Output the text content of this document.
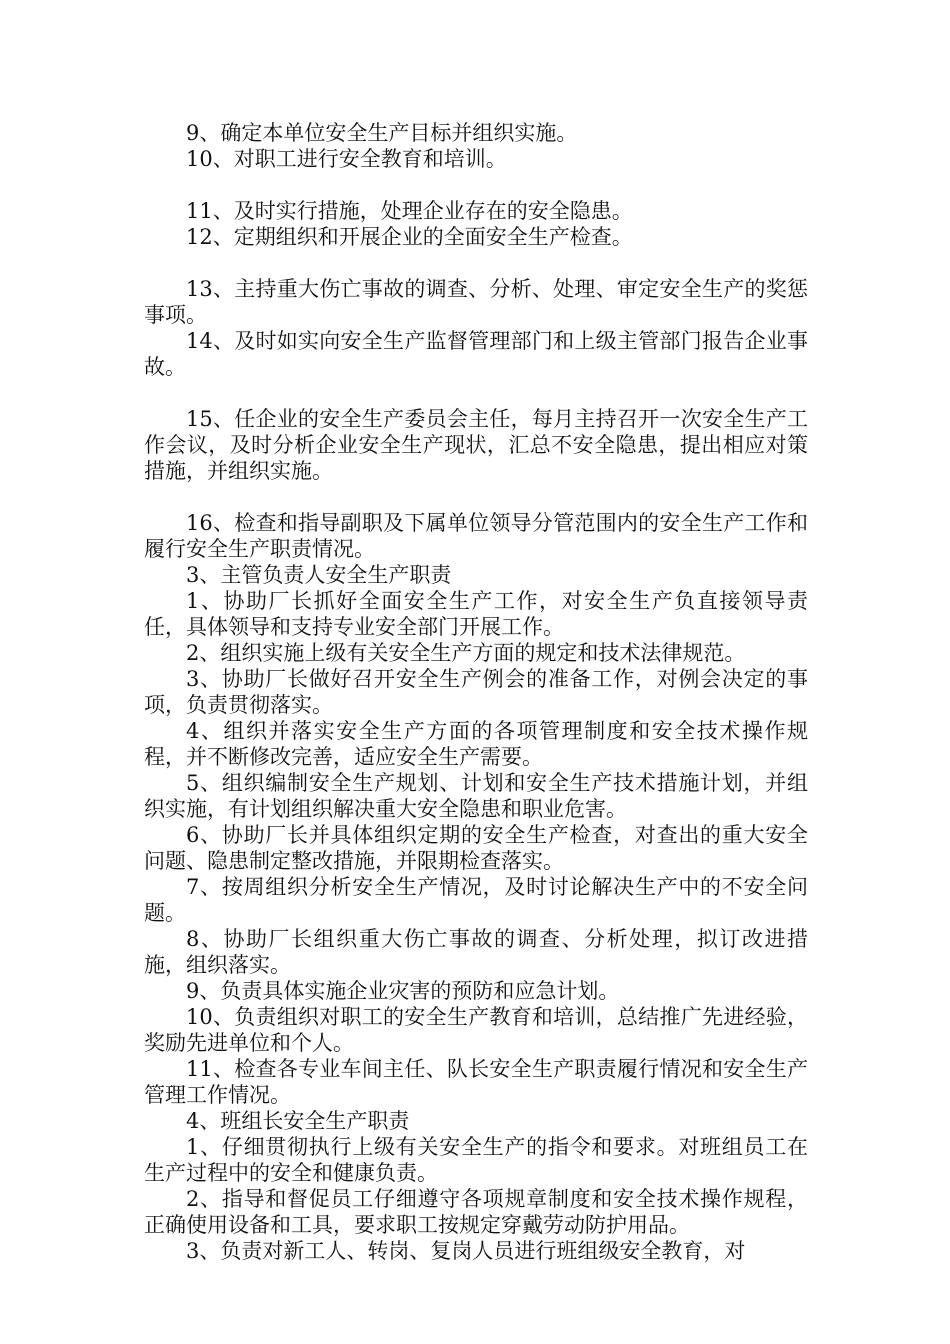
9、确定本单位安全生产目标并组织实施。

10、对职工进行安全教育和培训。

11、及时实行措施，处理企业存在的安全隐患。

12、定期组织和开展企业的全面安全生产检查。

13、主持重大伤亡事故的调查、分析、处理、审定安全生产的奖惩事项。

14、及时如实向安全生产监督管理部门和上级主管部门报告企业事故。

15、任企业的安全生产委员会主任，每月主持召开一次安全生产工作会议，及时分析企业安全生产现状，汇总不安全隐患，提出相应对策措施，并组织实施。

16、检查和指导副职及下属单位领导分管范围内的安全生产工作和履行安全生产职责情况。

3、主管负责人安全生产职责

1、协助厂长抓好全面安全生产工作，对安全生产负直接领导责任，具体领导和支持专业安全部门开展工作。

2、组织实施上级有关安全生产方面的规定和技术法律规范。

3、协助厂长做好召开安全生产例会的准备工作，对例会决定的事项，负责贯彻落实。

4、组织并落实安全生产方面的各项管理制度和安全技术操作规程，并不断修改完善，适应安全生产需要。

5、组织编制安全生产规划、计划和安全生产技术措施计划，并组织实施，有计划组织解决重大安全隐患和职业危害。

6、协助厂长并具体组织定期的安全生产检查，对查出的重大安全问题、隐患制定整改措施，并限期检查落实。

7、按周组织分析安全生产情况，及时讨论解决生产中的不安全问题。

8、协助厂长组织重大伤亡事故的调查、分析处理，拟订改进措施，组织落实。

9、负责具体实施企业灾害的预防和应急计划。

10、负责组织对职工的安全生产教育和培训，总结推广先进经验，奖励先进单位和个人。

11、检查各专业车间主任、队长安全生产职责履行情况和安全生产管理工作情况。

4、班组长安全生产职责

1、仔细贯彻执行上级有关安全生产的指令和要求。对班组员工在生产过程中的安全和健康负责。

2、指导和督促员工仔细遵守各项规章制度和安全技术操作规程，正确使用设备和工具，要求职工按规定穿戴劳动防护用品。

3、负责对新工人、转岗、复岗人员进行班组级安全教育，对
